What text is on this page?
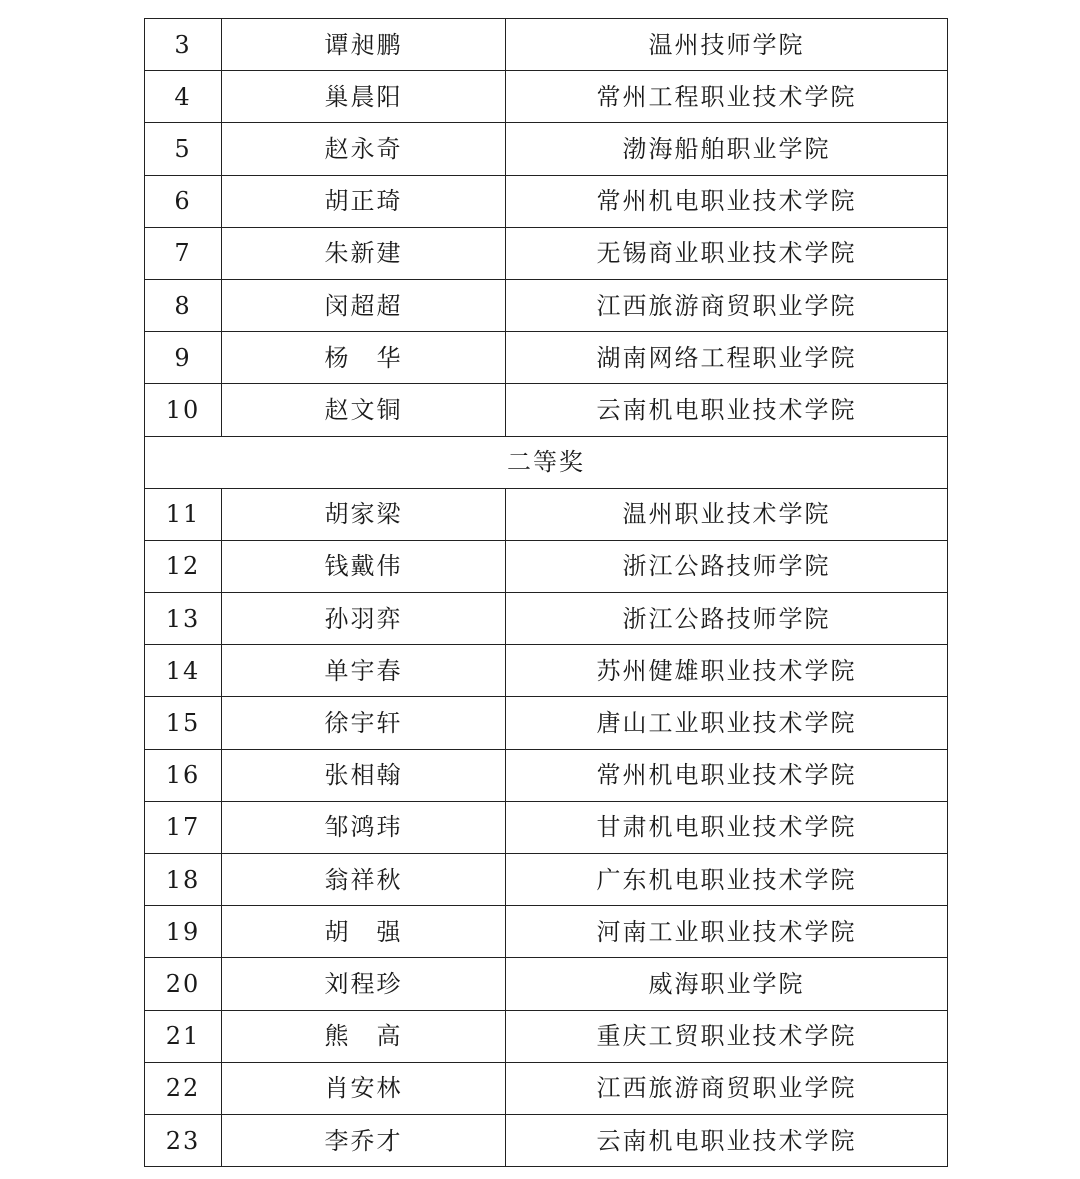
3	谭昶鹏	温州技师学院
4	巢晨阳	常州工程职业技术学院
5	赵永奇	渤海船舶职业学院
6	胡正琦	常州机电职业技术学院
7	朱新建	无锡商业职业技术学院
8	闵超超	江西旅游商贸职业学院
9	杨　华	湖南网络工程职业学院
10	赵文铜	云南机电职业技术学院
二等奖		
11	胡家梁	温州职业技术学院
12	钱戴伟	浙江公路技师学院
13	孙羽弈	浙江公路技师学院
14	单宇春	苏州健雄职业技术学院
15	徐宇轩	唐山工业职业技术学院
16	张相翰	常州机电职业技术学院
17	邹鸿玮	甘肃机电职业技术学院
18	翁祥秋	广东机电职业技术学院
19	胡　强	河南工业职业技术学院
20	刘程珍	威海职业学院
21	熊　高	重庆工贸职业技术学院
22	肖安林	江西旅游商贸职业学院
23	李乔才	云南机电职业技术学院
